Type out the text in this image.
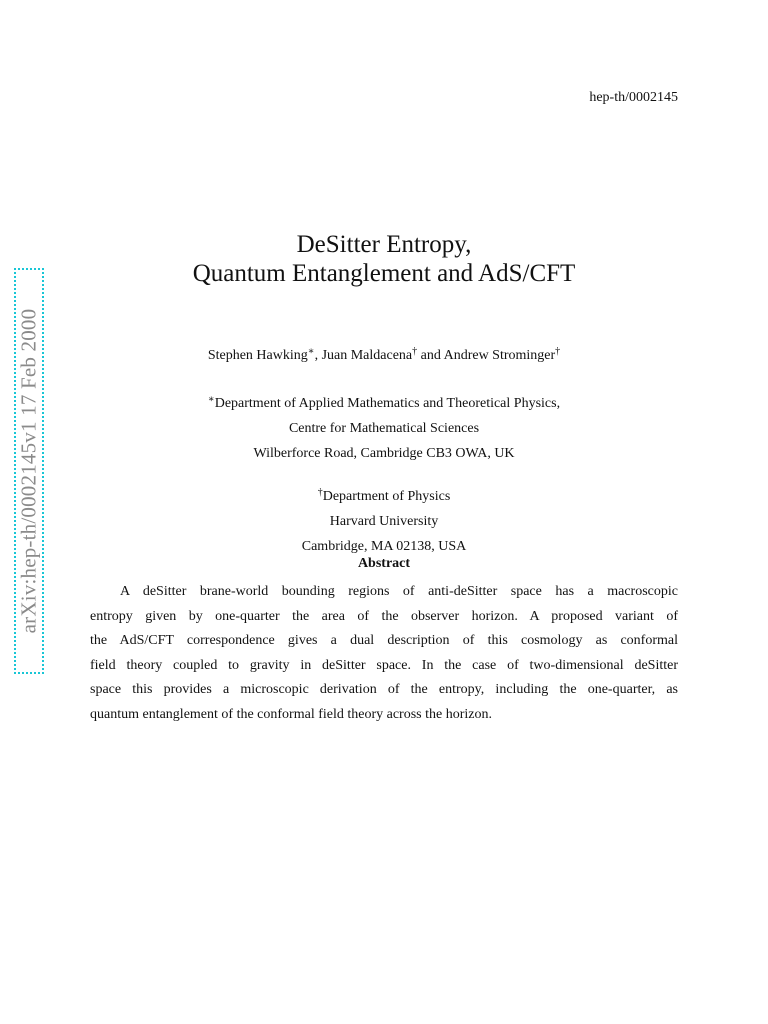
hep-th/0002145
arXiv:hep-th/0002145v1 17 Feb 2000
DeSitter Entropy,
Quantum Entanglement and AdS/CFT
Stephen Hawking∗, Juan Maldacena† and Andrew Strominger†
∗Department of Applied Mathematics and Theoretical Physics,
Centre for Mathematical Sciences
Wilberforce Road, Cambridge CB3 OWA, UK
†Department of Physics
Harvard University
Cambridge, MA 02138, USA
Abstract
A deSitter brane-world bounding regions of anti-deSitter space has a macroscopic
entropy given by one-quarter the area of the observer horizon. A proposed variant of
the AdS/CFT correspondence gives a dual description of this cosmology as conformal
field theory coupled to gravity in deSitter space. In the case of two-dimensional deSitter
space this provides a microscopic derivation of the entropy, including the one-quarter, as
quantum entanglement of the conformal field theory across the horizon.
